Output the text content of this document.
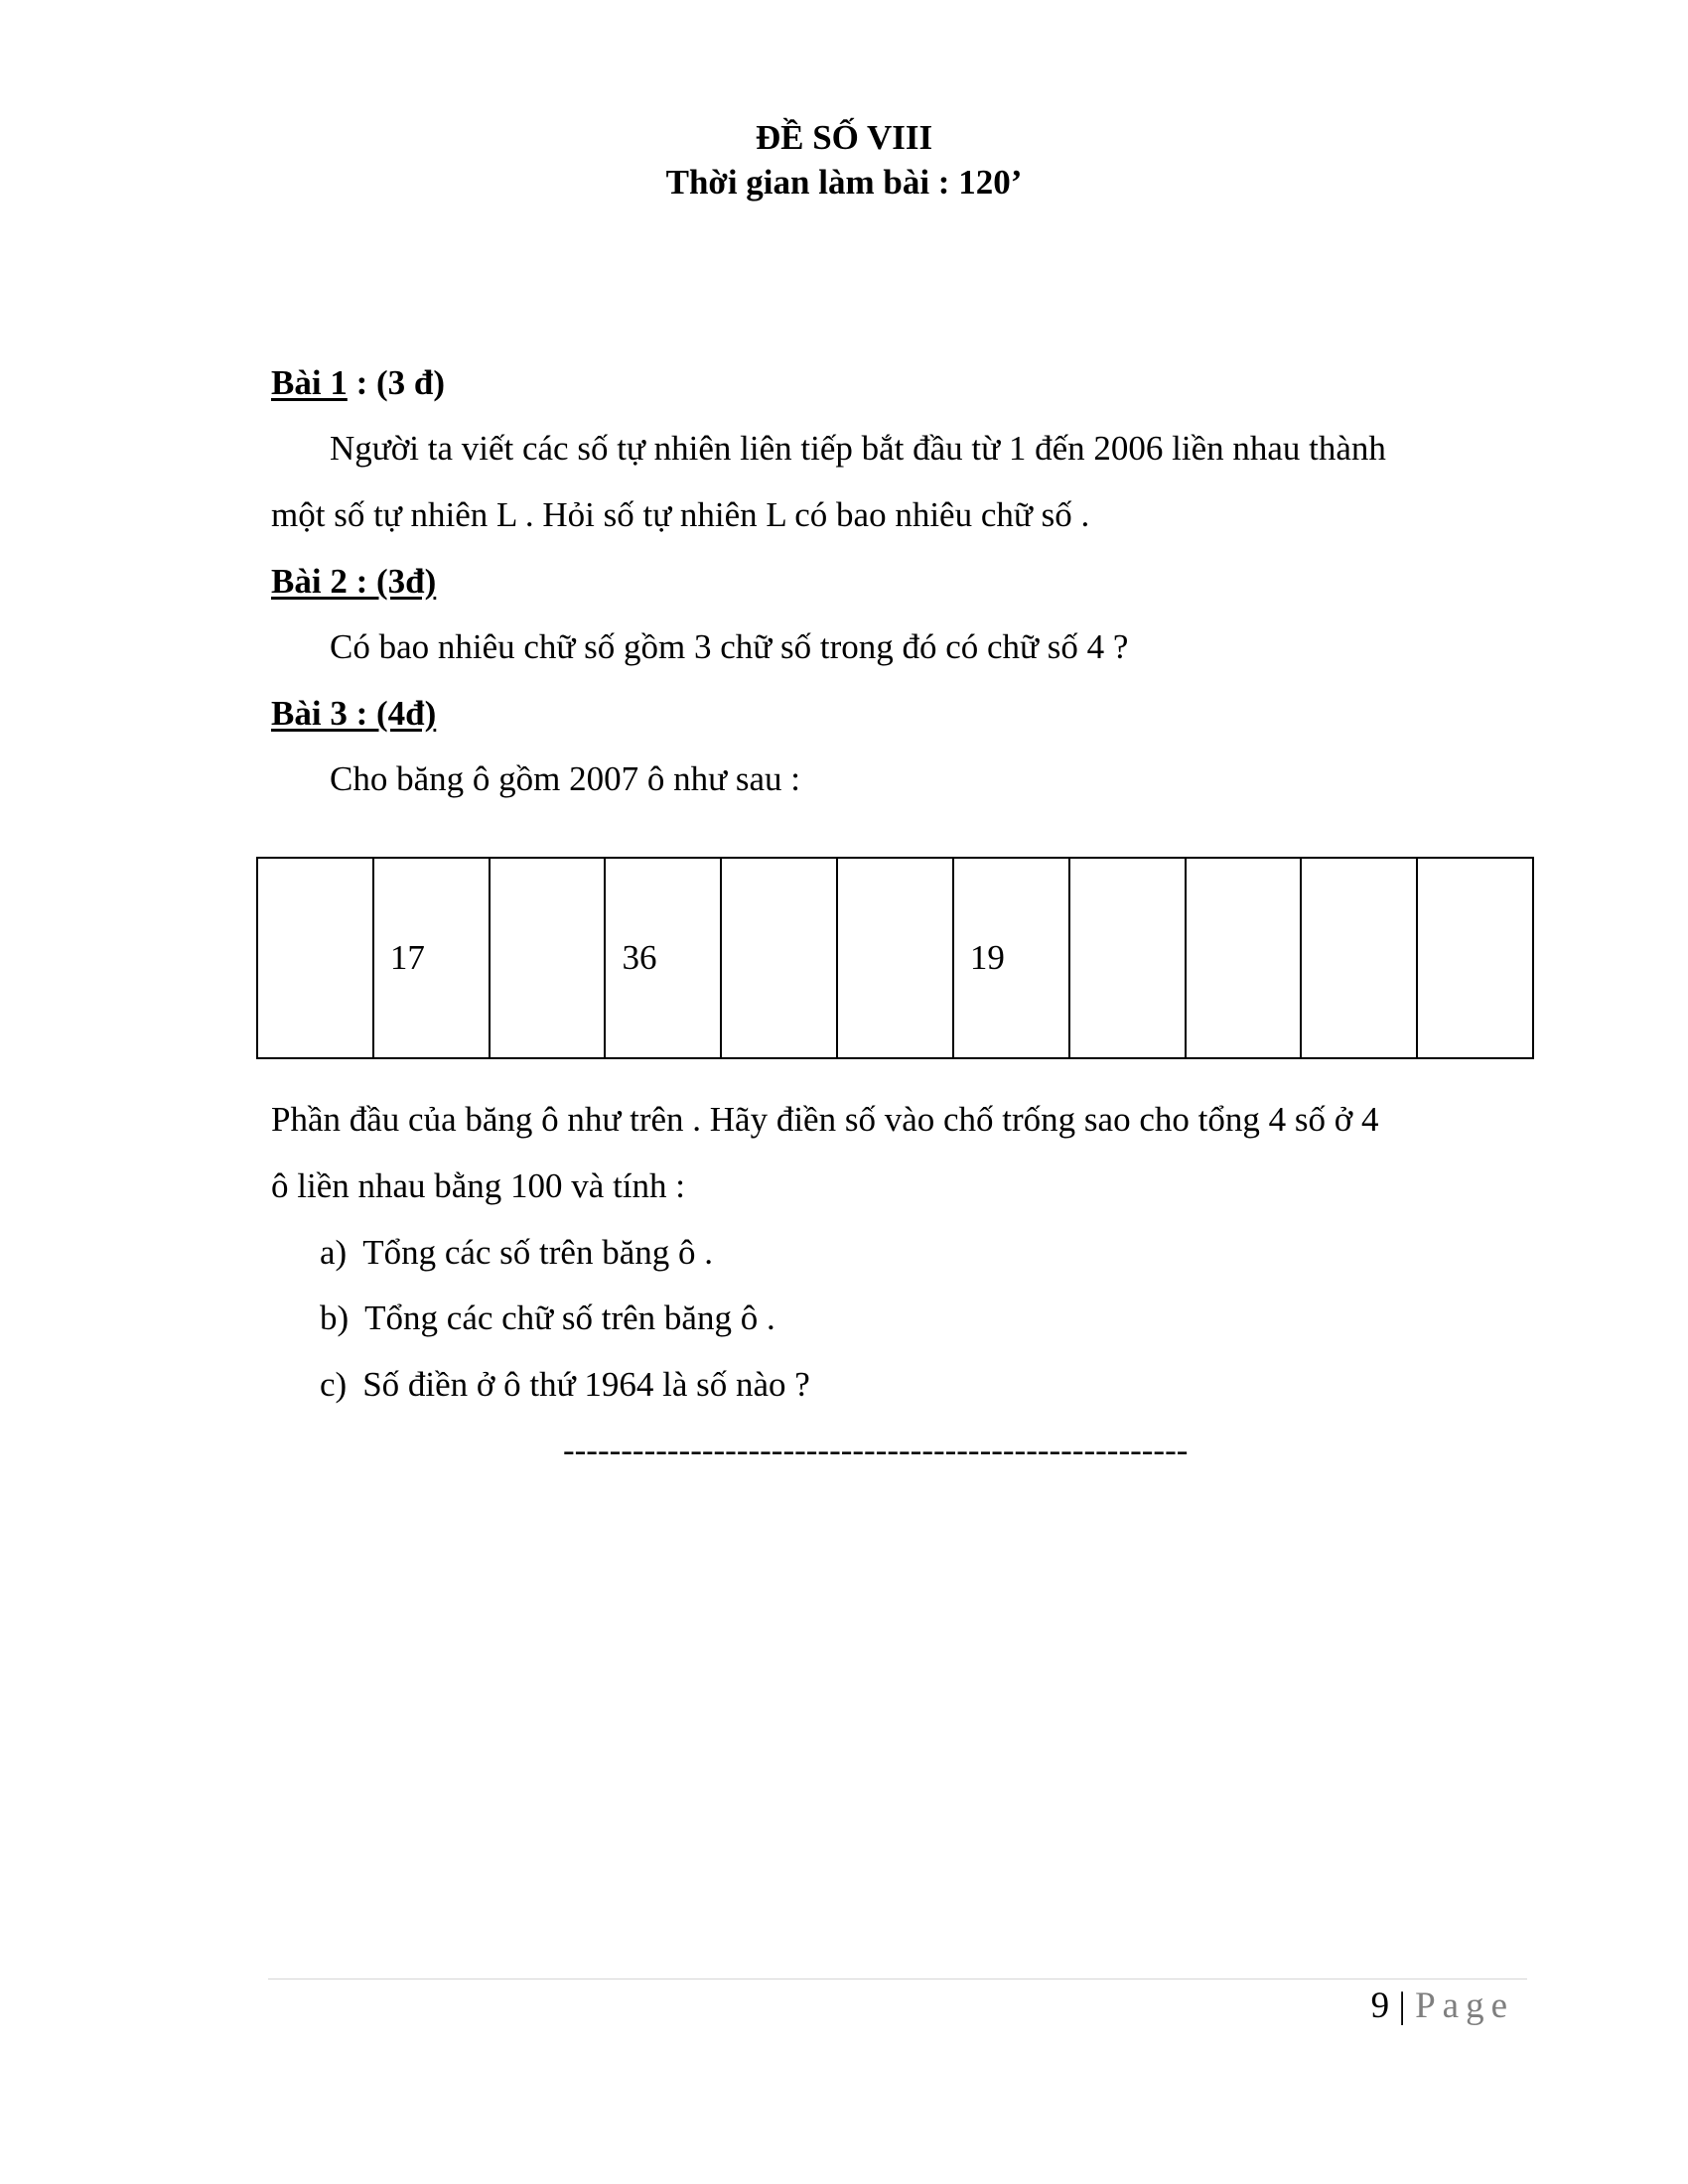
ĐỀ SỐ VIII
Thời gian làm bài : 120’
Bài 1 : (3 đ)
Người ta viết các số tự nhiên liên tiếp bắt đầu từ 1 đến 2006 liền nhau thành
một số tự nhiên L . Hỏi số tự nhiên L có bao nhiêu chữ số .
Bài 2 : (3đ)
Có bao nhiêu chữ số gồm 3 chữ số trong đó có chữ số 4 ?
Bài 3 : (4đ)
Cho băng ô gồm 2007 ô như sau :
	17		36			19				
Phần đầu của băng ô như trên . Hãy điền số vào chố trống sao cho tổng 4 số ở 4
ô liền nhau bằng 100 và tính :
a) Tổng các số trên băng ô .
b) Tổng các chữ số trên băng ô .
c) Số điền ở ô thứ 1964 là số nào ?
------------------------------------------------------
9 | Page
